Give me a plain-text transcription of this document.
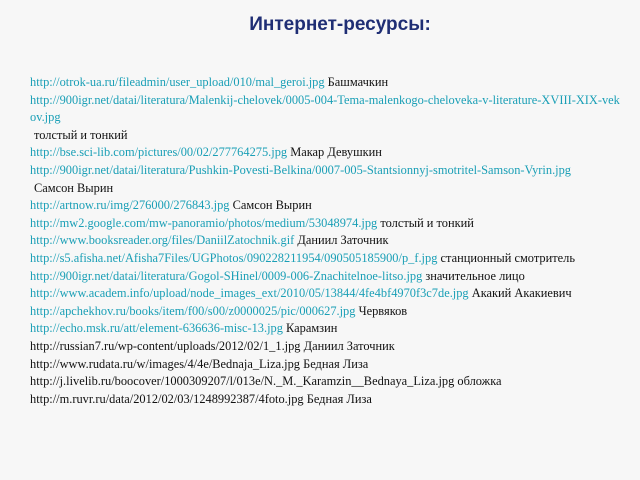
Интернет-ресурсы:

http://otrok-ua.ru/fileadmin/user_upload/010/mal_geroi.jpg Башмачкин

http://900igr.net/datai/literatura/Malenkij-chelovek/0005-004-Tema-malenkogo-cheloveka-v-literature-XVIII-XIX-vekov.jpg
толстый и тонкий

http://bse.sci-lib.com/pictures/00/02/277764275.jpg Макар Девушкин

http://900igr.net/datai/literatura/Pushkin-Povesti-Belkina/0007-005-Stantsionnyj-smotritel-Samson-Vyrin.jpg
Самсон Вырин

http://artnow.ru/img/276000/276843.jpg Самсон Вырин

http://mw2.google.com/mw-panoramio/photos/medium/53048974.jpg толстый и тонкий

http://www.booksreader.org/files/DaniilZatochnik.gif Даниил Заточник

http://s5.afisha.net/Afisha7Files/UGPhotos/090228211954/090505185900/p_f.jpg станционный смотритель

http://900igr.net/datai/literatura/Gogol-SHinel/0009-006-Znachitelnoe-litso.jpg значительное лицо

http://www.academ.info/upload/node_images_ext/2010/05/13844/4fe4bf4970f3c7de.jpg Акакий Акакиевич

http://apchekhov.ru/books/item/f00/s00/z0000025/pic/000627.jpg Червяков

http://echo.msk.ru/att/element-636636-misc-13.jpg Карамзин

http://russian7.ru/wp-content/uploads/2012/02/1_1.jpg Даниил Заточник

http://www.rudata.ru/w/images/4/4e/Bednaja_Liza.jpg Бедная Лиза

http://j.livelib.ru/boocover/1000309207/l/013e/N._M._Karamzin__Bednaya_Liza.jpg обложка

http://m.ruvr.ru/data/2012/02/03/1248992387/4foto.jpg Бедная Лиза
